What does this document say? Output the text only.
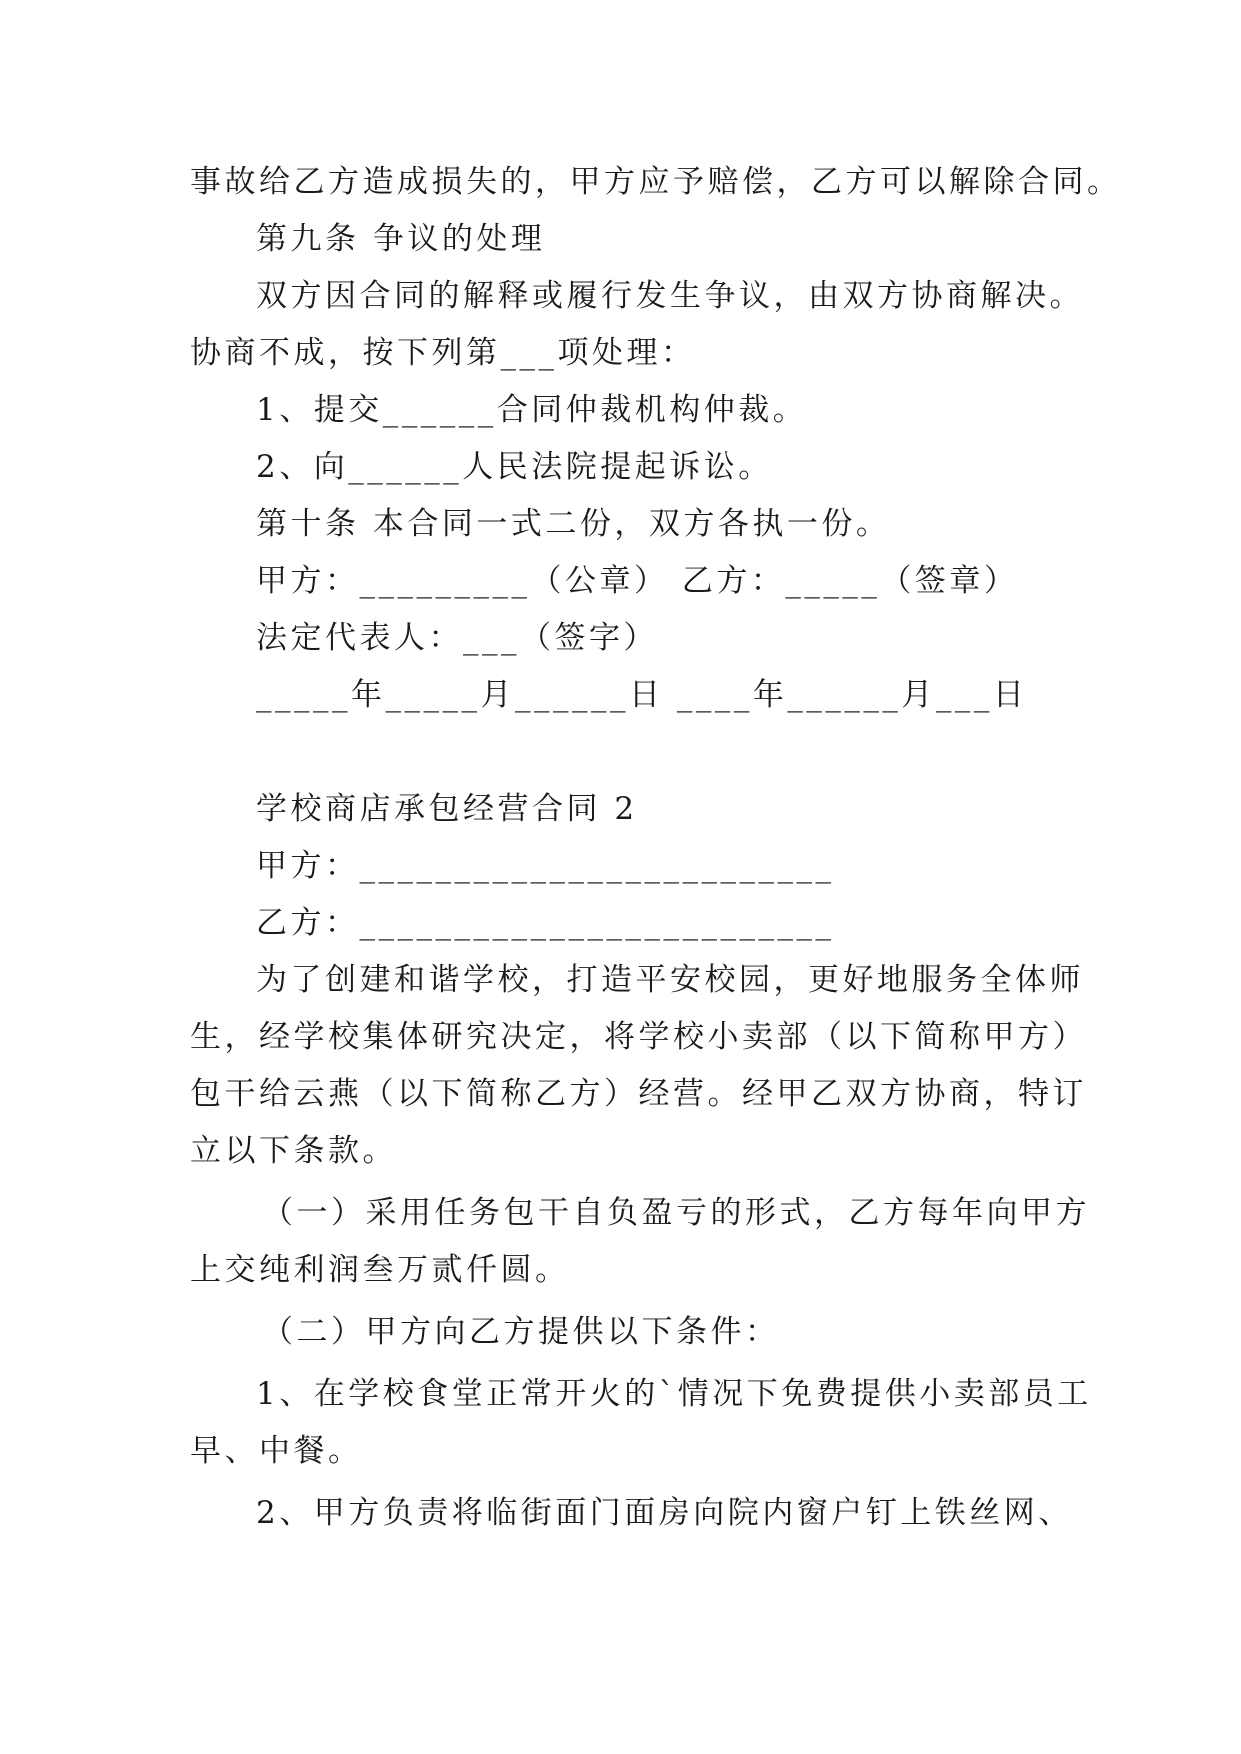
事故给乙方造成损失的，甲方应予赔偿，乙方可以解除合同。
第九条 争议的处理
双方因合同的解释或履行发生争议，由双方协商解决。
协商不成，按下列第___项处理：
1、提交______合同仲裁机构仲裁。
2、向______人民法院提起诉讼。
第十条 本合同一式二份，双方各执一份。
甲方：_________（公章） 乙方：_____（签章）
法定代表人：___（签字）
_____年_____月______日 ____年______月___日
学校商店承包经营合同 2
甲方：_________________________
乙方：_________________________
为了创建和谐学校，打造平安校园，更好地服务全体师
生，经学校集体研究决定，将学校小卖部（以下简称甲方）
包干给云燕（以下简称乙方）经营。经甲乙双方协商，特订
立以下条款。
（一）采用任务包干自负盈亏的形式，乙方每年向甲方
上交纯利润叁万贰仟圆。
（二）甲方向乙方提供以下条件：
1、在学校食堂正常开火的`情况下免费提供小卖部员工
早、中餐。
2、甲方负责将临街面门面房向院内窗户钉上铁丝网、
